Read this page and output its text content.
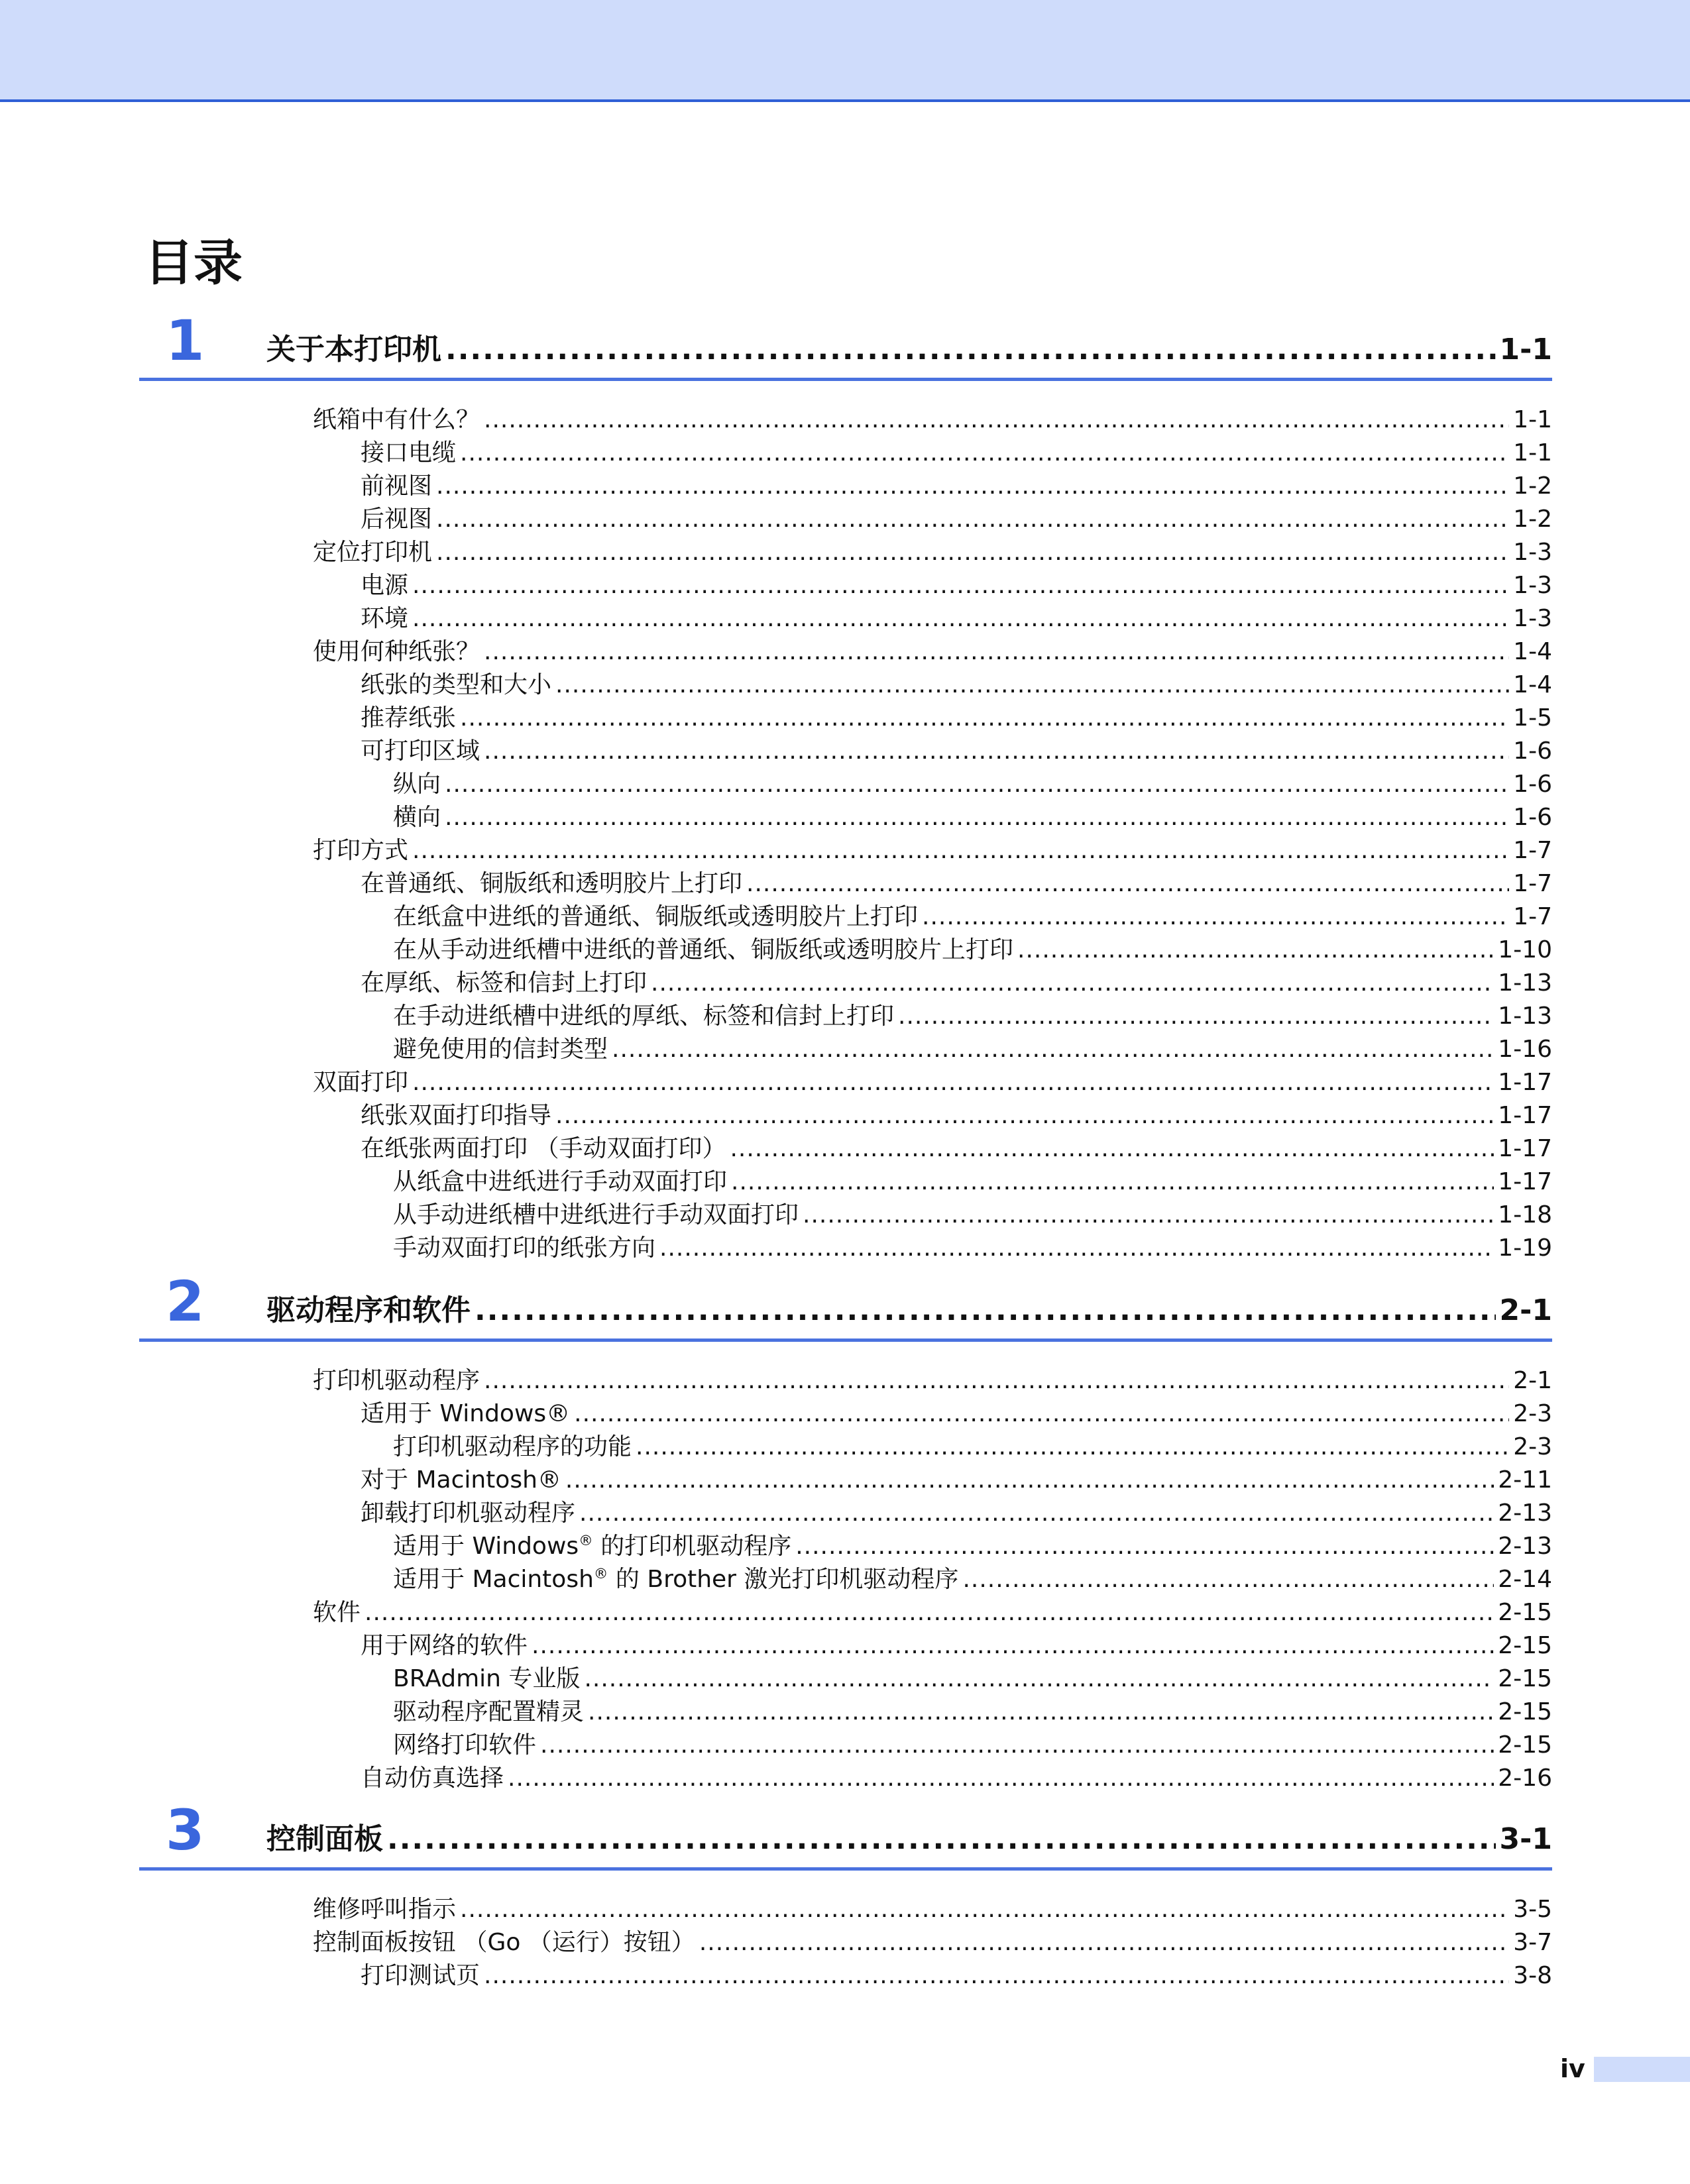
目录
1 关于本打印机 .....	1-1
纸箱中有什么？ .....	1-1
接口电缆 .....	1-1
前视图 .....	1-2
后视图 .....	1-2
定位打印机 .....	1-3
电源 .....	1-3
环境 .....	1-3
使用何种纸张？ .....	1-4
纸张的类型和大小 .....	1-4
推荐纸张 .....	1-5
可打印区域 .....	1-6
纵向 .....	1-6
横向 .....	1-6
打印方式 .....	1-7
在普通纸、铜版纸和透明胶片上打印 .....	1-7
在纸盒中进纸的普通纸、铜版纸或透明胶片上打印 .....	1-7
在从手动进纸槽中进纸的普通纸、铜版纸或透明胶片上打印 .....	1-10
在厚纸、标签和信封上打印 .....	1-13
在手动进纸槽中进纸的厚纸、标签和信封上打印 .....	1-13
避免使用的信封类型 .....	1-16
双面打印 .....	1-17
纸张双面打印指导 .....	1-17
在纸张两面打印 （手动双面打印） .....	1-17
从纸盒中进纸进行手动双面打印 .....	1-17
从手动进纸槽中进纸进行手动双面打印 .....	1-18
手动双面打印的纸张方向 .....	1-19
2 驱动程序和软件 .....	2-1
打印机驱动程序 .....	2-1
适用于 Windows® .....	2-3
打印机驱动程序的功能 .....	2-3
对于 Macintosh® .....	2-11
卸载打印机驱动程序 .....	2-13
适用于 Windows® 的打印机驱动程序 .....	2-13
适用于 Macintosh® 的 Brother 激光打印机驱动程序 .....	2-14
软件 .....	2-15
用于网络的软件 .....	2-15
BRAdmin 专业版 .....	2-15
驱动程序配置精灵 .....	2-15
网络打印软件 .....	2-15
自动仿真选择 .....	2-16
3 控制面板 .....	3-1
维修呼叫指示 .....	3-5
控制面板按钮 （Go （运行）按钮） .....	3-7
打印测试页 .....	3-8
iv
